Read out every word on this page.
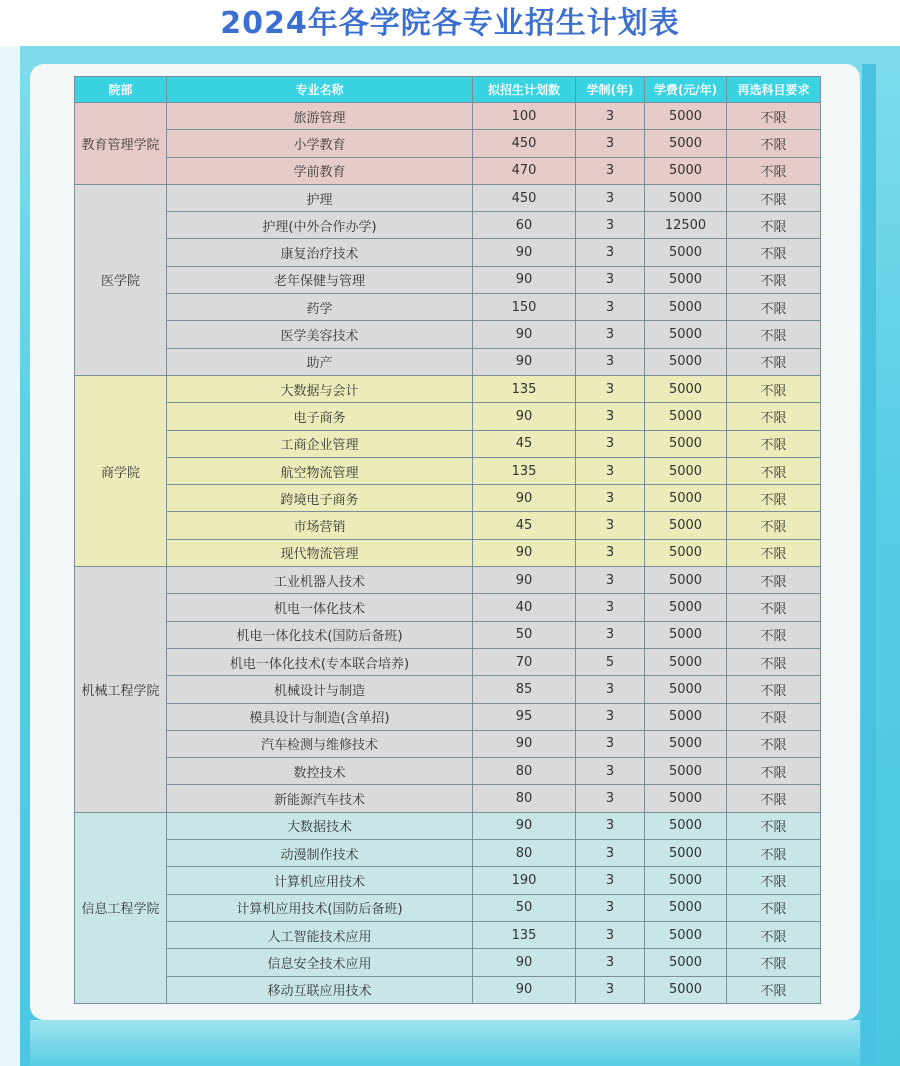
2024年各学院各专业招生计划表
院部	专业名称	拟招生计划数	学制(年)	学费(元/年)	再选科目要求
教育管理学院	旅游管理	100	3	5000	不限
	小学教育	450	3	5000	不限
	学前教育	470	3	5000	不限
医学院	护理	450	3	5000	不限
	护理(中外合作办学)	60	3	12500	不限
	康复治疗技术	90	3	5000	不限
	老年保健与管理	90	3	5000	不限
	药学	150	3	5000	不限
	医学美容技术	90	3	5000	不限
	助产	90	3	5000	不限
商学院	大数据与会计	135	3	5000	不限
	电子商务	90	3	5000	不限
	工商企业管理	45	3	5000	不限
	航空物流管理	135	3	5000	不限
	跨境电子商务	90	3	5000	不限
	市场营销	45	3	5000	不限
	现代物流管理	90	3	5000	不限
机械工程学院	工业机器人技术	90	3	5000	不限
	机电一体化技术	40	3	5000	不限
	机电一体化技术(国防后备班)	50	3	5000	不限
	机电一体化技术(专本联合培养)	70	5	5000	不限
	机械设计与制造	85	3	5000	不限
	模具设计与制造(含单招)	95	3	5000	不限
	汽车检测与维修技术	90	3	5000	不限
	数控技术	80	3	5000	不限
	新能源汽车技术	80	3	5000	不限
信息工程学院	大数据技术	90	3	5000	不限
	动漫制作技术	80	3	5000	不限
	计算机应用技术	190	3	5000	不限
	计算机应用技术(国防后备班)	50	3	5000	不限
	人工智能技术应用	135	3	5000	不限
	信息安全技术应用	90	3	5000	不限
	移动互联应用技术	90	3	5000	不限
